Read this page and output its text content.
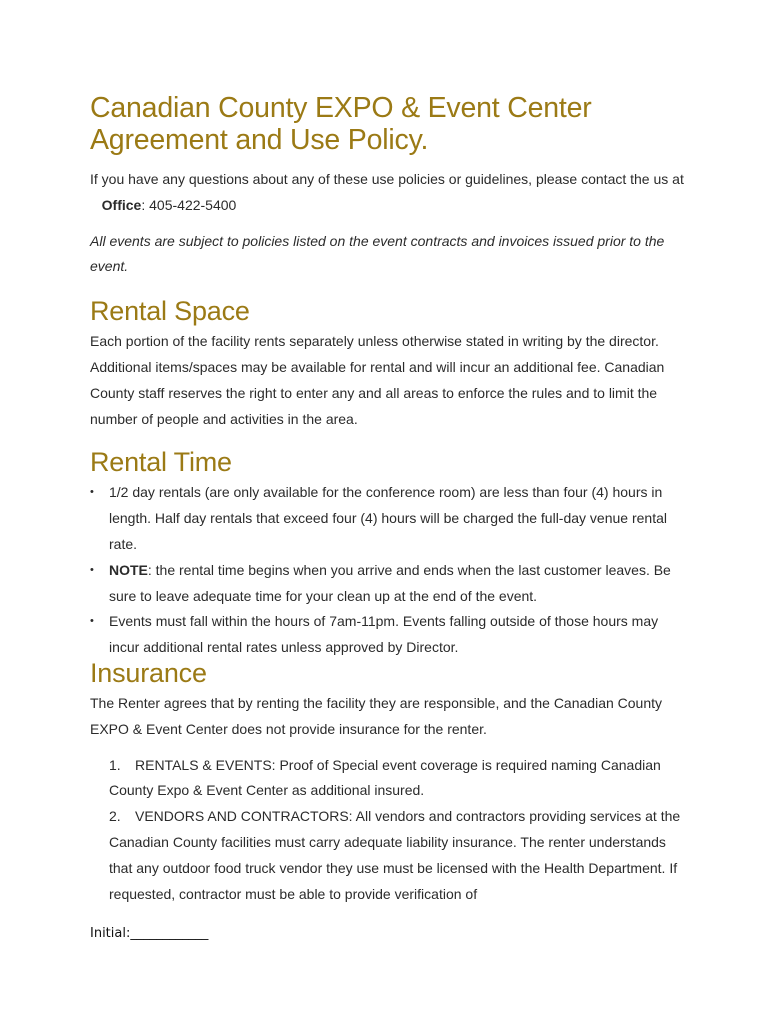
Canadian County EXPO & Event Center Agreement and Use Policy.

If you have any questions about any of these use policies or guidelines, please contact the us at    Office: 405-422-5400

All events are subject to policies listed on the event contracts and invoices issued prior to the event.

Rental Space

Each portion of the facility rents separately unless otherwise stated in writing by the director. Additional items/spaces may be available for rental and will incur an additional fee. Canadian County staff reserves the right to enter any and all areas to enforce the rules and to limit the number of people and activities in the area.

Rental Time
• 1/2 day rentals (are only available for the conference room) are less than four (4) hours in length. Half day rentals that exceed four (4) hours will be charged the full-day venue rental rate.
• NOTE: the rental time begins when you arrive and ends when the last customer leaves. Be sure to leave adequate time for your clean up at the end of the event.
• Events must fall within the hours of 7am-11pm. Events falling outside of those hours may incur additional rental rates unless approved by Director.
Insurance

The Renter agrees that by renting the facility they are responsible, and the Canadian County EXPO & Event Center does not provide insurance for the renter.

1. RENTALS & EVENTS: Proof of Special event coverage is required naming Canadian County Expo & Event Center as additional insured.
2. VENDORS AND CONTRACTORS: All vendors and contractors providing services at the Canadian County facilities must carry adequate liability insurance. The renter understands that any outdoor food truck vendor they use must be licensed with the Health Department. If requested, contractor must be able to provide verification of
Initial:____________
